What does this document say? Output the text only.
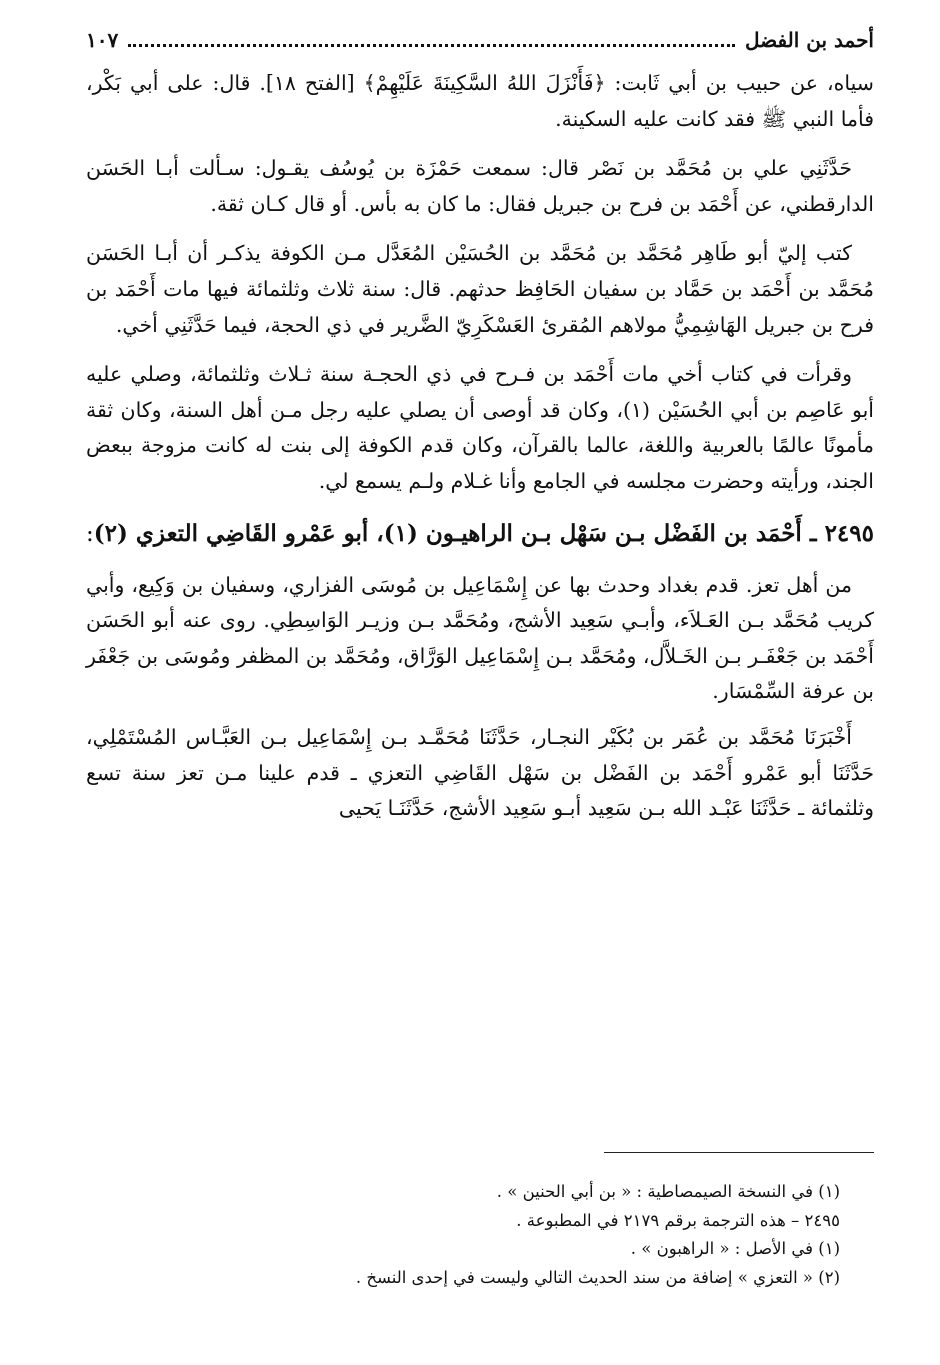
أحمد بن الفضل
١٠٧

سياه، عن حبيب بن أبي ثَابت: ﴿فَأَنْزَلَ اللهُ السَّكِينَةَ عَلَيْهِمْ﴾ [الفتح ١٨]. قال: على أبي بَكْر، فأما النبي ﷺ فقد كانت عليه السكينة.

حَدَّثَنِي علي بن مُحَمَّد بن نَصْر قال: سمعت حَمْزَة بن يُوسُف يقـول: سـألت أبـا الحَسَن الدارقطني، عن أَحْمَد بن فرح بن جبريل فقال: ما كان به بأس. أو قال كـان ثقة.

كتب إليّ أبو طَاهِر مُحَمَّد بن مُحَمَّد بن الحُسَيْن المُعَدَّل مـن الكوفة يذكـر أن أبـا الحَسَن مُحَمَّد بن أَحْمَد بن حَمَّاد بن سفيان الحَافِظ حدثهم. قال: سنة ثلاث وثلثمائة فيها مات أَحْمَد بن فرح بن جبريل الهَاشِمِيُّ مولاهم المُقرئ العَسْكَرِيّ الضَّرير في ذي الحجة، فيما حَدَّثَنِي أخي.

وقرأت في كتاب أخي مات أَحْمَد بن فـرح في ذي الحجـة سنة ثـلاث وثلثمائة، وصلي عليه أبو عَاصِم بن أبي الحُسَيْن (١)، وكان قد أوصى أن يصلي عليه رجل مـن أهل السنة، وكان ثقة مأمونًا عالمًا بالعربية واللغة، عالما بالقرآن، وكان قدم الكوفة إلى بنت له كانت مزوجة ببعض الجند، ورأيته وحضرت مجلسه في الجامع وأنا غـلام ولـم يسمع لي.

٢٤٩٥ ـ أَحْمَد بن الفَضْل بـن سَهْل بـن الراهيـون (١)، أبو عَمْرو القَاضِي التعزي (٢):

من أهل تعز. قدم بغداد وحدث بها عن إِسْمَاعِيل بن مُوسَى الفزاري، وسفيان بن وَكِيع، وأبي كريب مُحَمَّد بـن العَـلاَء، وأبـي سَعِيد الأشج، ومُحَمَّد بـن وزيـر الوَاسِطِي. روى عنه أبو الحَسَن أَحْمَد بن جَعْفَـر بـن الخَـلاَّل، ومُحَمَّد بـن إِسْمَاعِيل الوَرَّاق، ومُحَمَّد بن المظفر ومُوسَى بن جَعْفَر بن عرفة السِّمْسَار.

أَخْبَرَنَا مُحَمَّد بن عُمَر بن بُكَيْر النجـار، حَدَّثَنَا مُحَمَّـد بـن إِسْمَاعِيل بـن العَبَّـاس المُسْتَمْلِي، حَدَّثَنَا أبو عَمْرو أَحْمَد بن الفَضْل بن سَهْل القَاضِي التعزي ـ قدم علينا مـن تعز سنة تسع وثلثمائة ـ حَدَّثَنَا عَبْـد الله بـن سَعِيد أبـو سَعِيد الأشج، حَدَّثَنَـا يَحيى

(١) في النسخة الصيمصاطية : « بن أبي الحنين » .

٢٤٩٥ – هذه الترجمة برقم ٢١٧٩ في المطبوعة .

(١) في الأصل : « الراهبون » .

(٢) « التعزي » إضافة من سند الحديث التالي وليست في إحدى النسخ .
